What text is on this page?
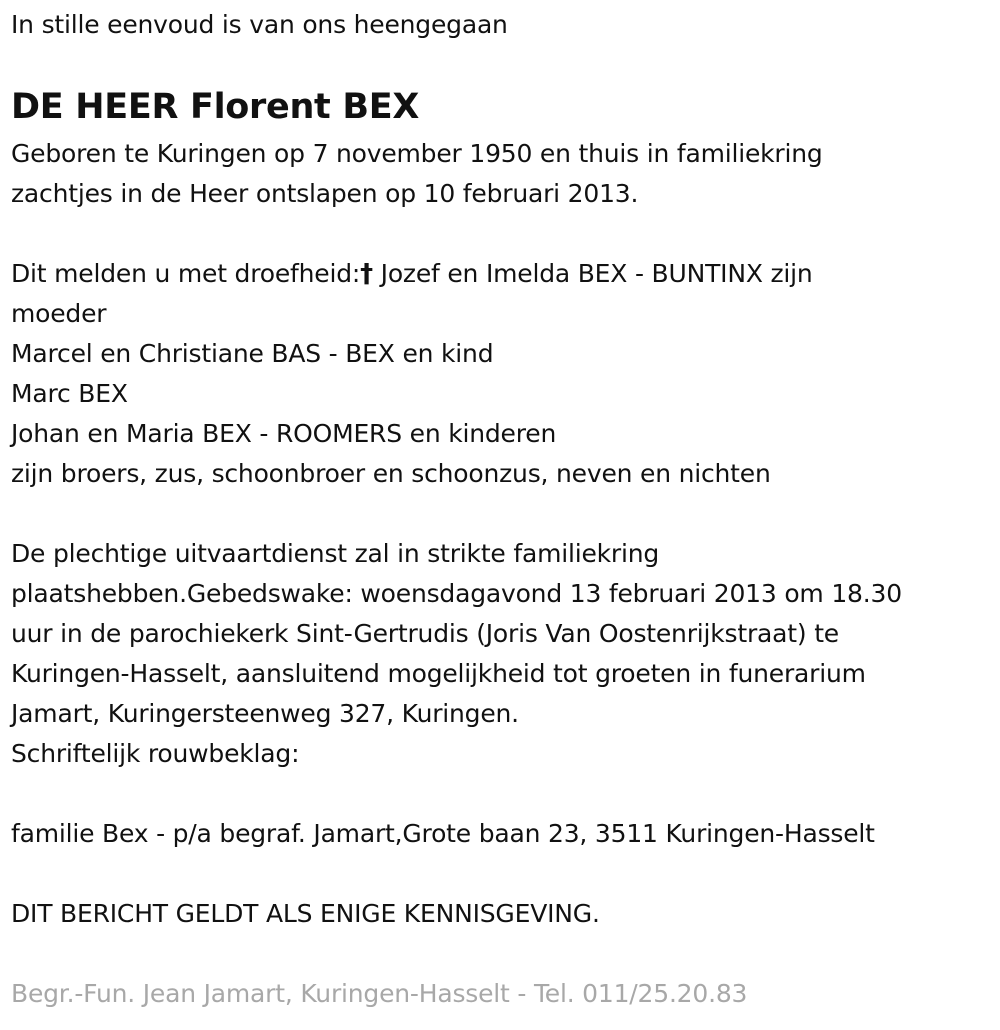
In stille eenvoud is van ons heengegaan
DE HEER Florent BEX
Geboren te Kuringen op 7 november 1950 en thuis in familiekring
zachtjes in de Heer ontslapen op 10 februari 2013.
Dit melden u met droefheid:† Jozef en Imelda BEX - BUNTINX zijn
moeder
Marcel en Christiane BAS - BEX en kind
Marc BEX
Johan en Maria BEX - ROOMERS en kinderen
zijn broers, zus, schoonbroer en schoonzus, neven en nichten
De plechtige uitvaartdienst zal in strikte familiekring
plaatshebben.Gebedswake: woensdagavond 13 februari 2013 om 18.30
uur in de parochiekerk Sint-Gertrudis (Joris Van Oostenrijkstraat) te
Kuringen-Hasselt, aansluitend mogelijkheid tot groeten in funerarium
Jamart, Kuringersteenweg 327, Kuringen.
Schriftelijk rouwbeklag:
familie Bex - p/a begraf. Jamart,Grote baan 23, 3511 Kuringen-Hasselt
DIT BERICHT GELDT ALS ENIGE KENNISGEVING.
Begr.-Fun. Jean Jamart, Kuringen-Hasselt - Tel. 011/25.20.83
